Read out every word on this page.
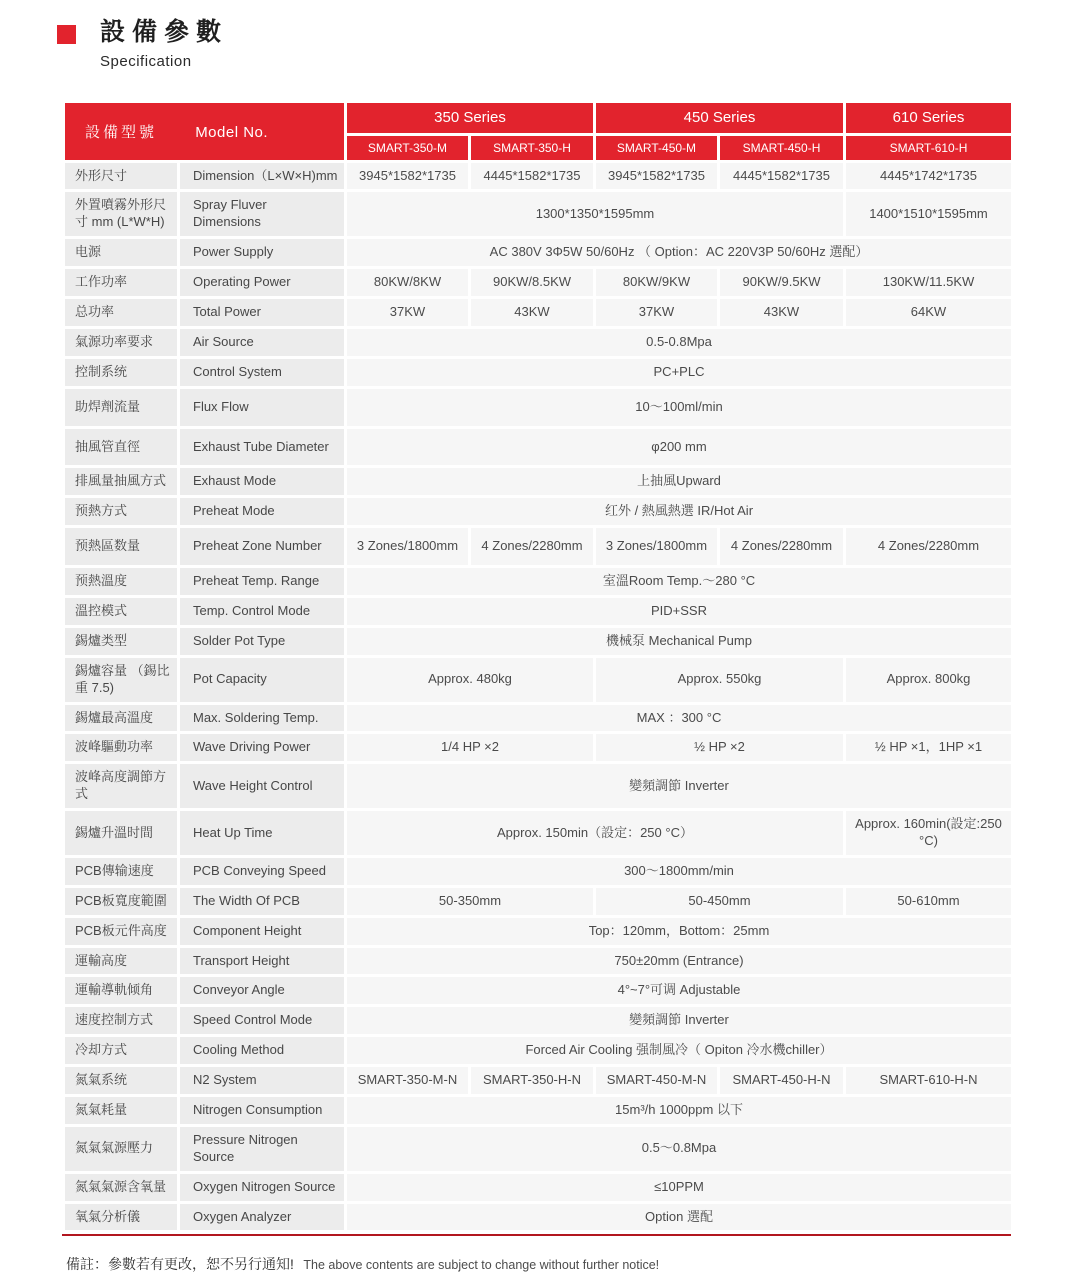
設備參數
Specification
設備型號 Model No.		350 Series		450 Series		610 Series
		SMART-350-M	SMART-350-H	SMART-450-M	SMART-450-H	SMART-610-H
外形尺寸	Dimension（L×W×H)mm	3945*1582*1735	4445*1582*1735	3945*1582*1735	4445*1582*1735	4445*1742*1735
外置噴霧外形尺寸 mm (L*W*H)	Spray Fluver Dimensions	1300*1350*1595mm				1400*1510*1595mm
电源	Power Supply	AC 380V 3Φ5W 50/60Hz （ Option：AC 220V3P 50/60Hz 選配）				
工作功率	Operating Power	80KW/8KW	90KW/8.5KW	80KW/9KW	90KW/9.5KW	130KW/11.5KW
总功率	Total Power	37KW	43KW	37KW	43KW	64KW
氣源功率要求	Air Source	0.5-0.8Mpa				
控制系统	Control System	PC+PLC				
助焊劑流量	Flux Flow	10～100ml/min				
抽風管直徑	Exhaust Tube Diameter	φ200 mm				
排風量抽風方式	Exhaust Mode	上抽風Upward				
预熱方式	Preheat Mode	红外 / 熱風熱選 IR/Hot Air				
预熱區数量	Preheat Zone Number	3 Zones/1800mm	4 Zones/2280mm	3 Zones/1800mm	4 Zones/2280mm	4 Zones/2280mm
预熱溫度	Preheat Temp. Range	室溫Room Temp.～280 °C				
溫控模式	Temp. Control Mode	PID+SSR				
錫爐类型	Solder Pot Type	機械泵 Mechanical Pump				
錫爐容量 （錫比重 7.5)	Pot Capacity	Approx. 480kg		Approx. 550kg		Approx. 800kg
錫爐最高溫度	Max. Soldering Temp.	MAX ：300 °C				
波峰驅動功率	Wave Driving Power	1/4 HP ×2		½ HP ×2		½ HP ×1，1HP ×1
波峰高度調節方式	Wave Height Control	變頻調節 Inverter				
錫爐升溫时間	Heat Up Time	Approx. 150min（設定：250 °C）				Approx. 160min(設定:250 °C)
PCB傳输速度	PCB Conveying Speed	300～1800mm/min				
PCB板寬度範圍	The Width Of PCB	50-350mm		50-450mm		50-610mm
PCB板元件高度	Component Height	Top：120mm，Bottom：25mm				
運輸高度	Transport Height	750±20mm (Entrance)				
運輸導軌倾角	Conveyor Angle	4°~7°可调 Adjustable				
速度控制方式	Speed Control Mode	變頻調節 Inverter				
冷却方式	Cooling Method	Forced Air Cooling 强制風冷（ Opiton 冷水機chiller）				
氮氣系统	N2 System	SMART-350-M-N	SMART-350-H-N	SMART-450-M-N	SMART-450-H-N	SMART-610-H-N
氮氣耗量	Nitrogen Consumption	15m³/h 1000ppm 以下				
氮氣氣源壓力	Pressure Nitrogen Source	0.5～0.8Mpa				
氮氣氣源含氧量	Oxygen Nitrogen Source	≤10PPM				
氧氣分析儀	Oxygen Analyzer	Option 選配				
備註：參數若有更改，恕不另行通知! The above contents are subject to change without further notice!
